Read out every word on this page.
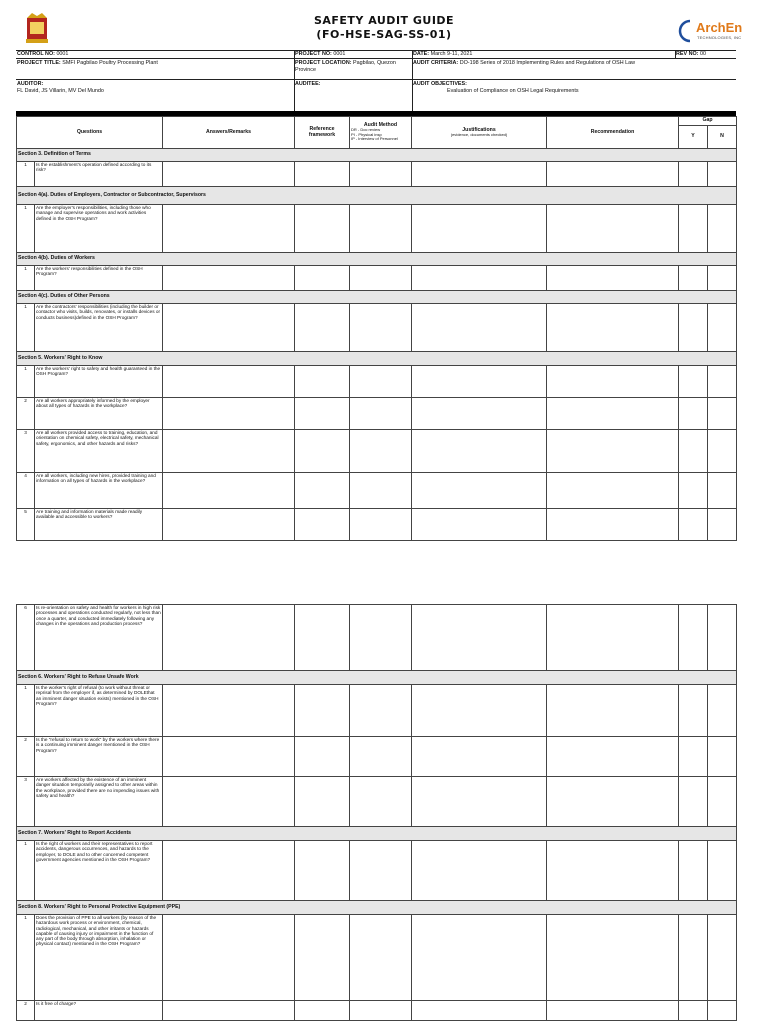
SAFETY AUDIT GUIDE
(FO-HSE-SAG-SS-01)	ArchEn
TECHNOLOGIES, INC
CONTROL NO: 0001	PROJECT NO: 0001	DATE: March 9-11, 2021	REV NO: 00
PROJECT TITLE: SMFI Pagbilao Poultry Processing Plant	PROJECT LOCATION: Pagbilao, Quezon Province
AUDIT CRITERIA: DO-198 Series of 2018 Implementing Rules and Regulations of OSH Law
AUDITOR:
FL David, JS Villarin, MV Del Mundo
AUDITEE:	AUDIT OBJECTIVES:
Evaluation of Compliance on OSH Legal Requirements
Questions		Answers/Remarks	Reference framework	Audit Method
DR - Doc review
PI - Physical insp
IP - Interview of Personnel	Justifications
(evidence, documents checked)	Recommendation	Gap	
							Y	N
Section 3. Definition of Terms								
1	Is the establishment's operation defined according to its risk?							
Section 4(a). Duties of Employers, Contractor or Subcontractor, Supervisors								
1	Are the employer's responsibilities, including those who manage and supervise operations and work activities defined in the OSH Program?							
Section 4(b). Duties of Workers								
1	Are the workers' responsibilities defined in the OSH Program?							
Section 4(c). Duties of Other Persons								
1	Are the contractors' responsibilities (including the builder or contactor who visits, builds, renovates, or installs devices or conducts business)defined in the OSH Program?							
Section 5. Workers' Right to Know								
1	Are the workers' right to safety and health guaranteed in the OSH Program?							
2	Are all workers appropriately informed by the employer about all types of hazards in the workplace?							
3	Are all workers provided access to training, education, and orientation on chemical safety, electrical safety, mechanical safety, ergonomics, and other hazards and risks?							
4	Are all workers, including new hires, provided training and information on all types of hazards in the workplace?							
5	Are training and information materials made readily available and accessible to workers?							
6	Is re-orientation on safety and health for workers in high risk processes and operations conducted regularly, not less than once a quarter, and conducted immediately following any changes in the operations and production process?							
Section 6. Workers' Right to Refuse Unsafe Work								
1	Is the worker's right of refusal (to work without threat or reprisal from the employer if, as determined by DOLEthat an imminent danger situation exists) mentioned in the OSH Program?							
2	Is the "refusal to return to work" by the workers where there is a continuing imminent danger mentioned in the OSH Program?							
3	Are workers affected by the existence of an imminent danger situation temporarily assigned to other areas within the workplace, provided there are no impending issues with safety and health?							
Section 7. Workers' Right to Report Accidents								
1	Is the right of workers and their representatives to report accidents, dangerous occurrences, and hazards to the employer, to DOLE and to other concerned competent government agencies mentioned in the OSH Program?							
Section 8. Workers' Right to Personal Protective Equipment (PPE)								
1	Does the provision of PPE to all workers (by reason of the hazardous work process or environment, chemical, radiological, mechanical, and other irritants or hazards capable of causing injury or impairment in the function of any part of the body through absorption, inhalation or physical contact) mentioned in the OSH Program?							
2	Is it free of charge?							
